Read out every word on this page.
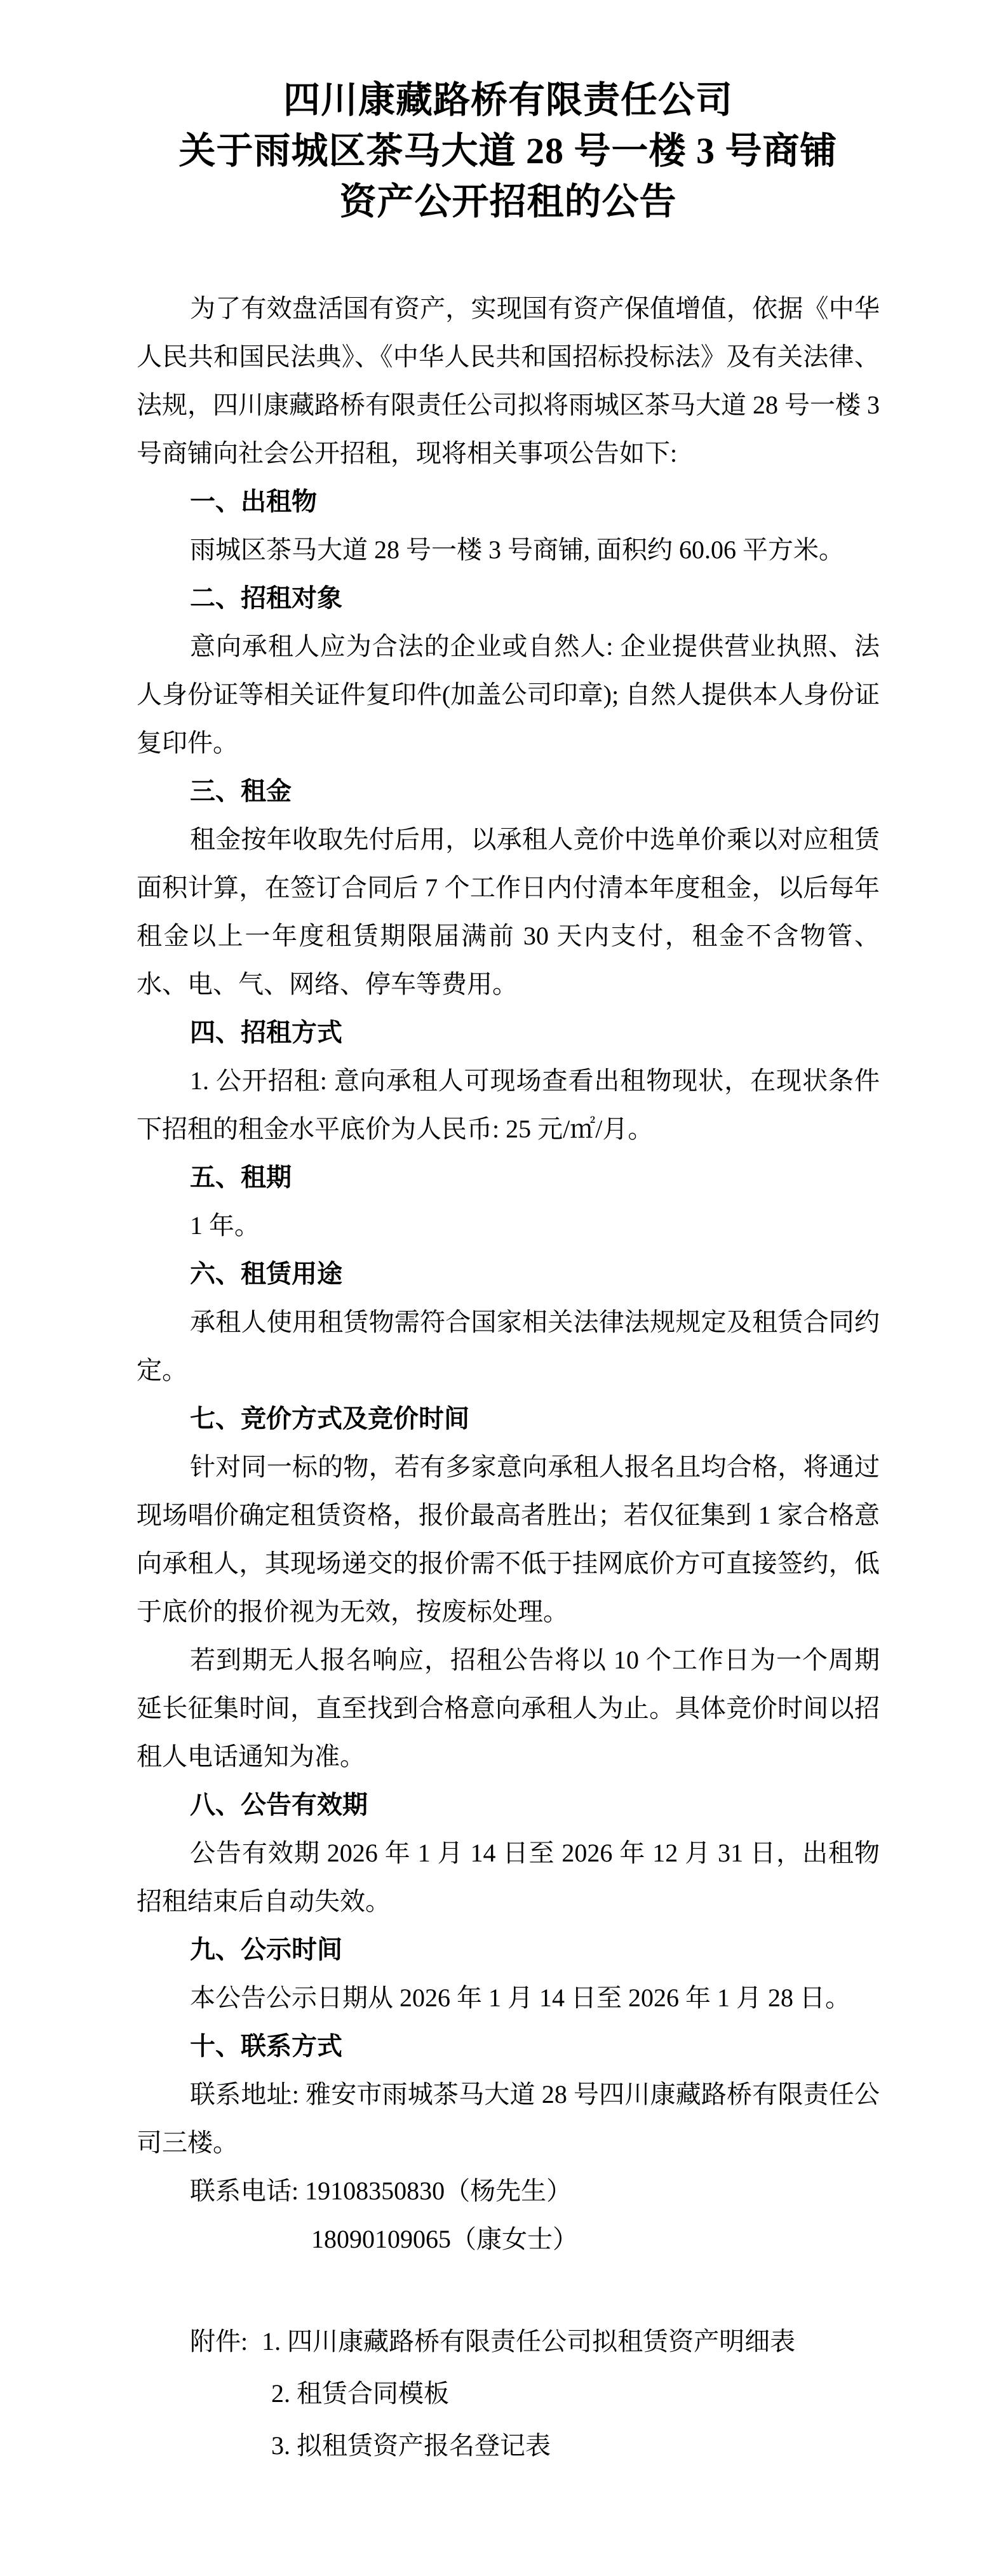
四川康藏路桥有限责任公司
关于雨城区茶马大道 28 号一楼 3 号商铺
资产公开招租的公告

为了有效盘活国有资产，实现国有资产保值增值，依据《中华人民共和国民法典》、《中华人民共和国招标投标法》及有关法律、法规，四川康藏路桥有限责任公司拟将雨城区茶马大道 28 号一楼 3 号商铺向社会公开招租，现将相关事项公告如下:

一、出租物

雨城区茶马大道 28 号一楼 3 号商铺, 面积约 60.06 平方米。

二、招租对象

意向承租人应为合法的企业或自然人: 企业提供营业执照、法人身份证等相关证件复印件(加盖公司印章); 自然人提供本人身份证复印件。

三、租金

租金按年收取先付后用，以承租人竞价中选单价乘以对应租赁面积计算，在签订合同后 7 个工作日内付清本年度租金，以后每年租金以上一年度租赁期限届满前 30 天内支付，租金不含物管、水、电、气、网络、停车等费用。

四、招租方式

1. 公开招租: 意向承租人可现场查看出租物现状，在现状条件下招租的租金水平底价为人民币: 25 元/㎡/月。

五、租期

1 年。

六、租赁用途

承租人使用租赁物需符合国家相关法律法规规定及租赁合同约定。

七、竞价方式及竞价时间

针对同一标的物，若有多家意向承租人报名且均合格，将通过现场唱价确定租赁资格，报价最高者胜出；若仅征集到 1 家合格意向承租人，其现场递交的报价需不低于挂网底价方可直接签约，低于底价的报价视为无效，按废标处理。

若到期无人报名响应，招租公告将以 10 个工作日为一个周期延长征集时间，直至找到合格意向承租人为止。具体竞价时间以招租人电话通知为准。

八、公告有效期

公告有效期 2026 年 1 月 14 日至 2026 年 12 月 31 日，出租物招租结束后自动失效。

九、公示时间

本公告公示日期从 2026 年 1 月 14 日至 2026 年 1 月 28 日。

十、联系方式

联系地址: 雅安市雨城茶马大道 28 号四川康藏路桥有限责任公司三楼。

联系电话: 19108350830（杨先生）

18090109065（康女士）

附件: 1. 四川康藏路桥有限责任公司拟租赁资产明细表

2. 租赁合同模板

3. 拟租赁资产报名登记表
